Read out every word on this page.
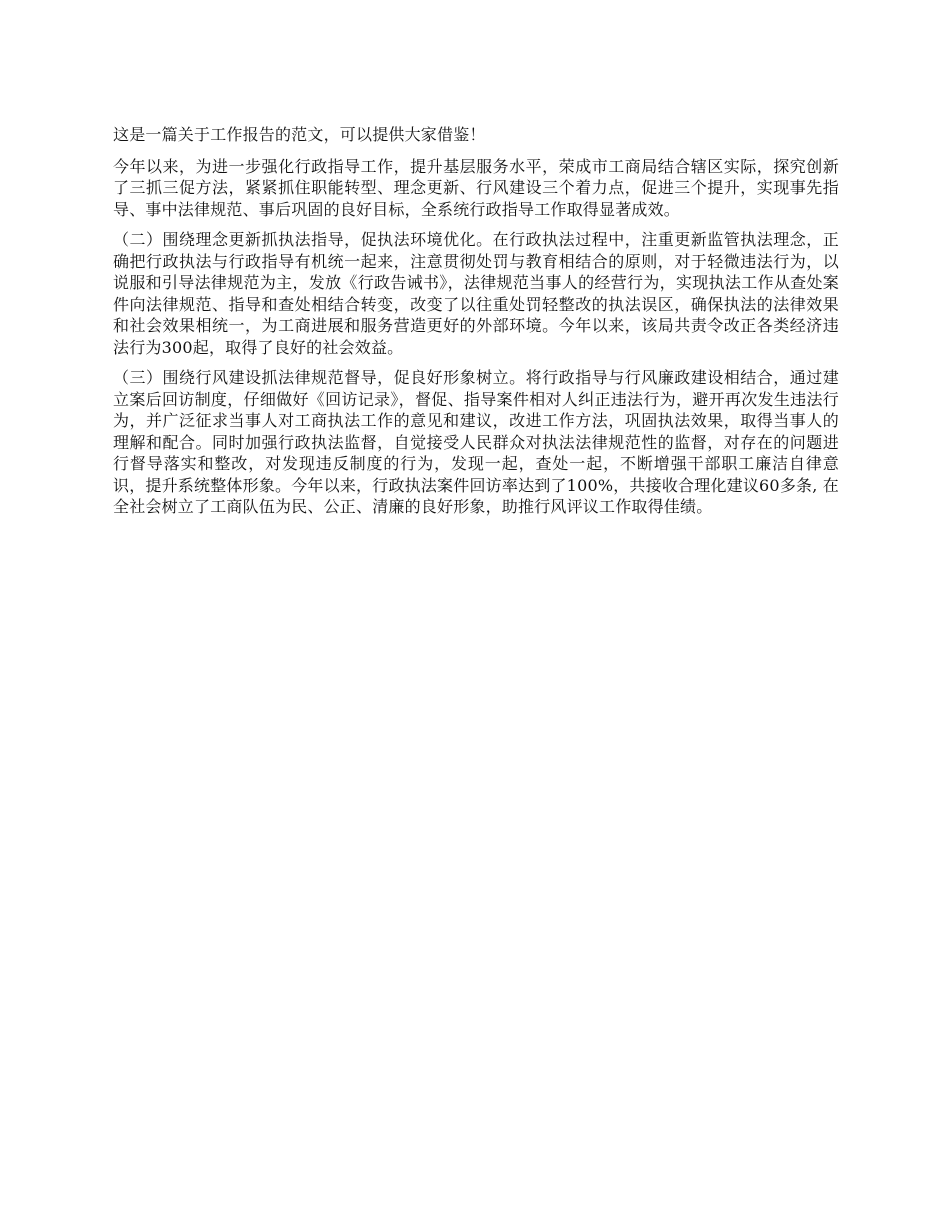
这是一篇关于工作报告的范文，可以提供大家借鉴！

今年以来，为进一步强化行政指导工作，提升基层服务水平，荣成市工商局结合辖区实际，探究创新了三抓三促方法，紧紧抓住职能转型、理念更新、行风建设三个着力点，促进三个提升，实现事先指导、事中法律规范、事后巩固的良好目标，全系统行政指导工作取得显著成效。

（二）围绕理念更新抓执法指导，促执法环境优化。在行政执法过程中，注重更新监管执法理念，正确把行政执法与行政指导有机统一起来，注意贯彻处罚与教育相结合的原则，对于轻微违法行为，以说服和引导法律规范为主，发放《行政告诫书》，法律规范当事人的经营行为，实现执法工作从查处案件向法律规范、指导和查处相结合转变，改变了以往重处罚轻整改的执法误区，确保执法的法律效果和社会效果相统一，为工商进展和服务营造更好的外部环境。今年以来，该局共责令改正各类经济违法行为300起，取得了良好的社会效益。

（三）围绕行风建设抓法律规范督导，促良好形象树立。将行政指导与行风廉政建设相结合，通过建立案后回访制度，仔细做好《回访记录》，督促、指导案件相对人纠正违法行为，避开再次发生违法行为，并广泛征求当事人对工商执法工作的意见和建议，改进工作方法，巩固执法效果，取得当事人的理解和配合。同时加强行政执法监督，自觉接受人民群众对执法法律规范性的监督，对存在的问题进行督导落实和整改，对发现违反制度的行为，发现一起，查处一起，不断增强干部职工廉洁自律意识，提升系统整体形象。今年以来，行政执法案件回访率达到了100%，共接收合理化建议60多条, 在全社会树立了工商队伍为民、公正、清廉的良好形象，助推行风评议工作取得佳绩。
